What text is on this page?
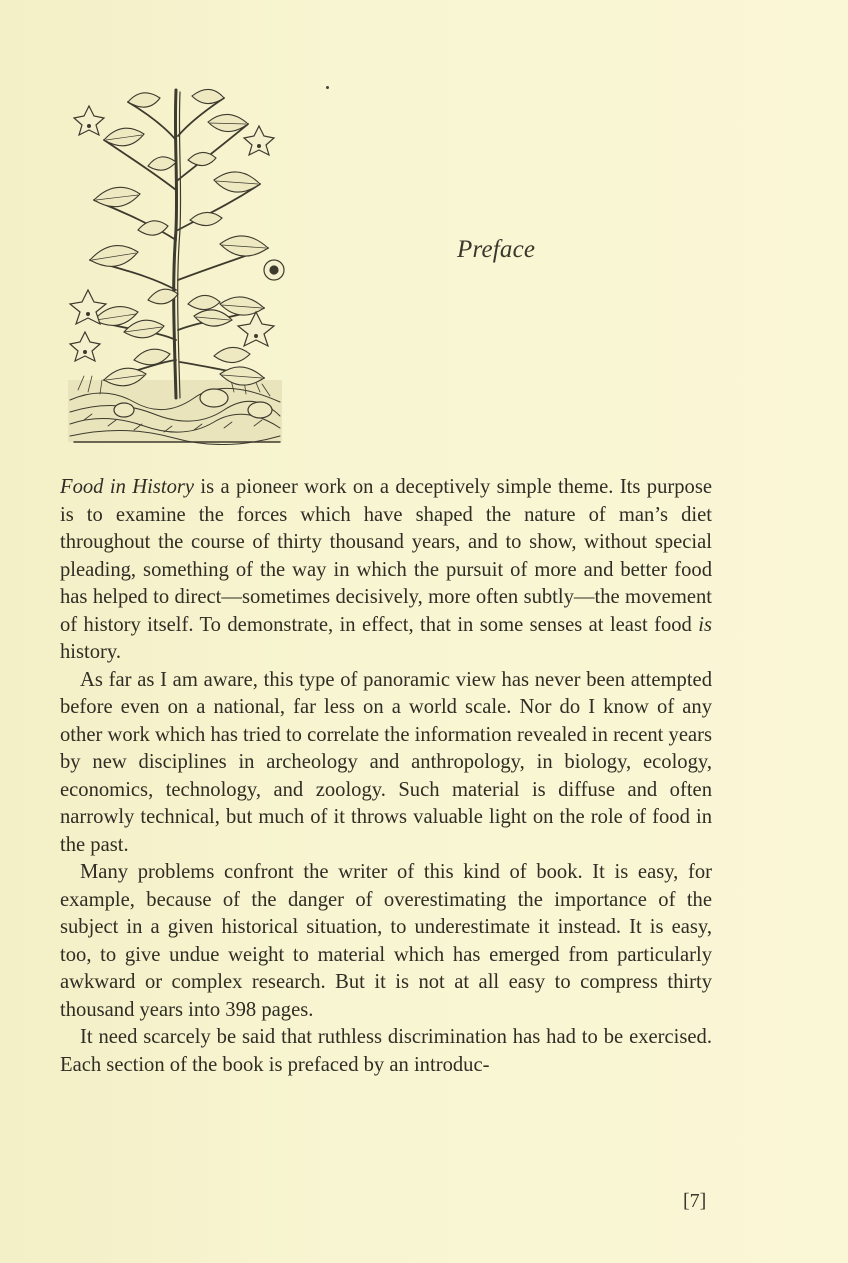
Preface

Food in History is a pioneer work on a deceptively simple theme. Its purpose is to examine the forces which have shaped the nature of man’s diet throughout the course of thirty thousand years, and to show, without special pleading, something of the way in which the pursuit of more and better food has helped to direct—sometimes decisively, more often subtly—the movement of history itself. To demonstrate, in effect, that in some senses at least food is history.

As far as I am aware, this type of panoramic view has never been attempted before even on a national, far less on a world scale. Nor do I know of any other work which has tried to correlate the information revealed in recent years by new disciplines in archeology and anthropology, in biology, ecology, economics, technology, and zoology. Such material is diffuse and often narrowly technical, but much of it throws valuable light on the role of food in the past.

Many problems confront the writer of this kind of book. It is easy, for example, because of the danger of overestimating the importance of the subject in a given historical situation, to underestimate it instead. It is easy, too, to give undue weight to material which has emerged from particularly awkward or complex research. But it is not at all easy to compress thirty thousand years into 398 pages.

It need scarcely be said that ruthless discrimination has had to be exercised. Each section of the book is prefaced by an introduc-

[7]
